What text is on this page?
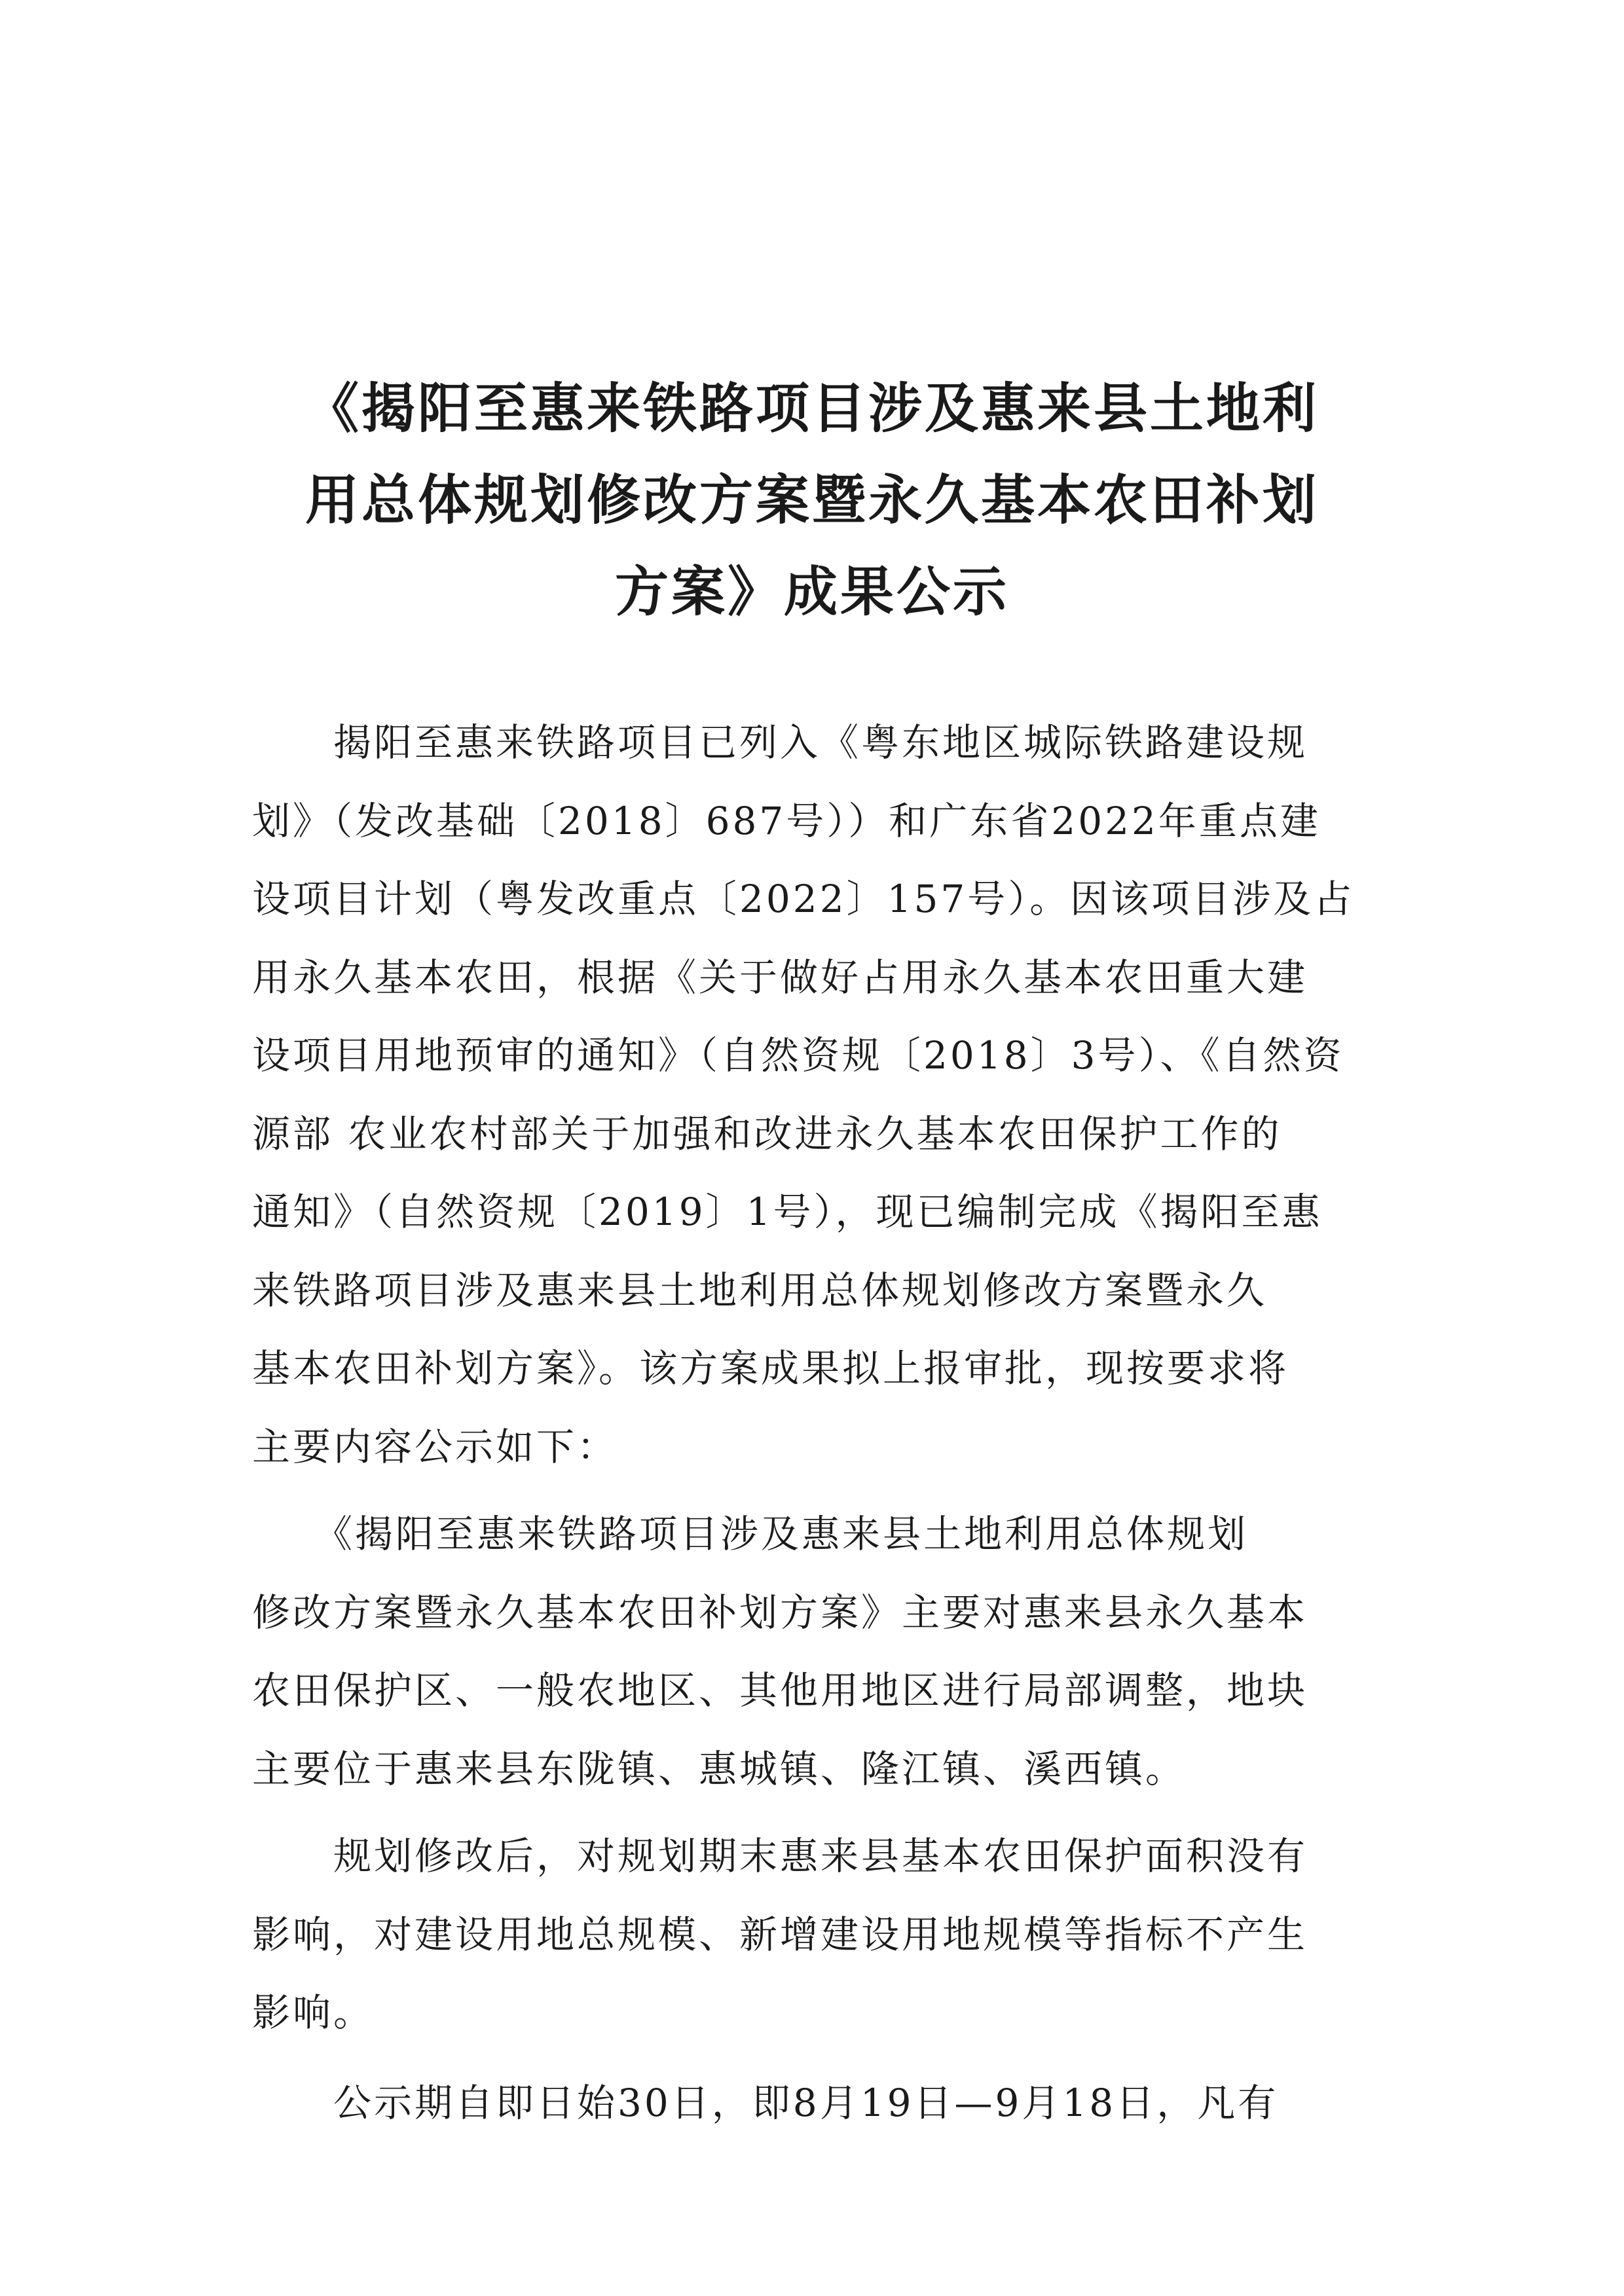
《揭阳至惠来铁路项目涉及惠来县土地利
用总体规划修改方案暨永久基本农田补划
方案》成果公示
　　揭阳至惠来铁路项目已列入《粤东地区城际铁路建设规
划》（发改基础〔2018〕687号））和广东省2022年重点建
设项目计划（粤发改重点〔2022〕157号）。因该项目涉及占
用永久基本农田，根据《关于做好占用永久基本农田重大建
设项目用地预审的通知》（自然资规〔2018〕3号）、《自然资
源部 农业农村部关于加强和改进永久基本农田保护工作的
通知》（自然资规〔2019〕1号），现已编制完成《揭阳至惠
来铁路项目涉及惠来县土地利用总体规划修改方案暨永久
基本农田补划方案》。该方案成果拟上报审批，现按要求将
主要内容公示如下：
　　《揭阳至惠来铁路项目涉及惠来县土地利用总体规划
修改方案暨永久基本农田补划方案》主要对惠来县永久基本
农田保护区、一般农地区、其他用地区进行局部调整，地块
主要位于惠来县东陇镇、惠城镇、隆江镇、溪西镇。
　　规划修改后，对规划期末惠来县基本农田保护面积没有
影响，对建设用地总规模、新增建设用地规模等指标不产生
影响。
　　公示期自即日始30日，即8月19日—9月18日，凡有
